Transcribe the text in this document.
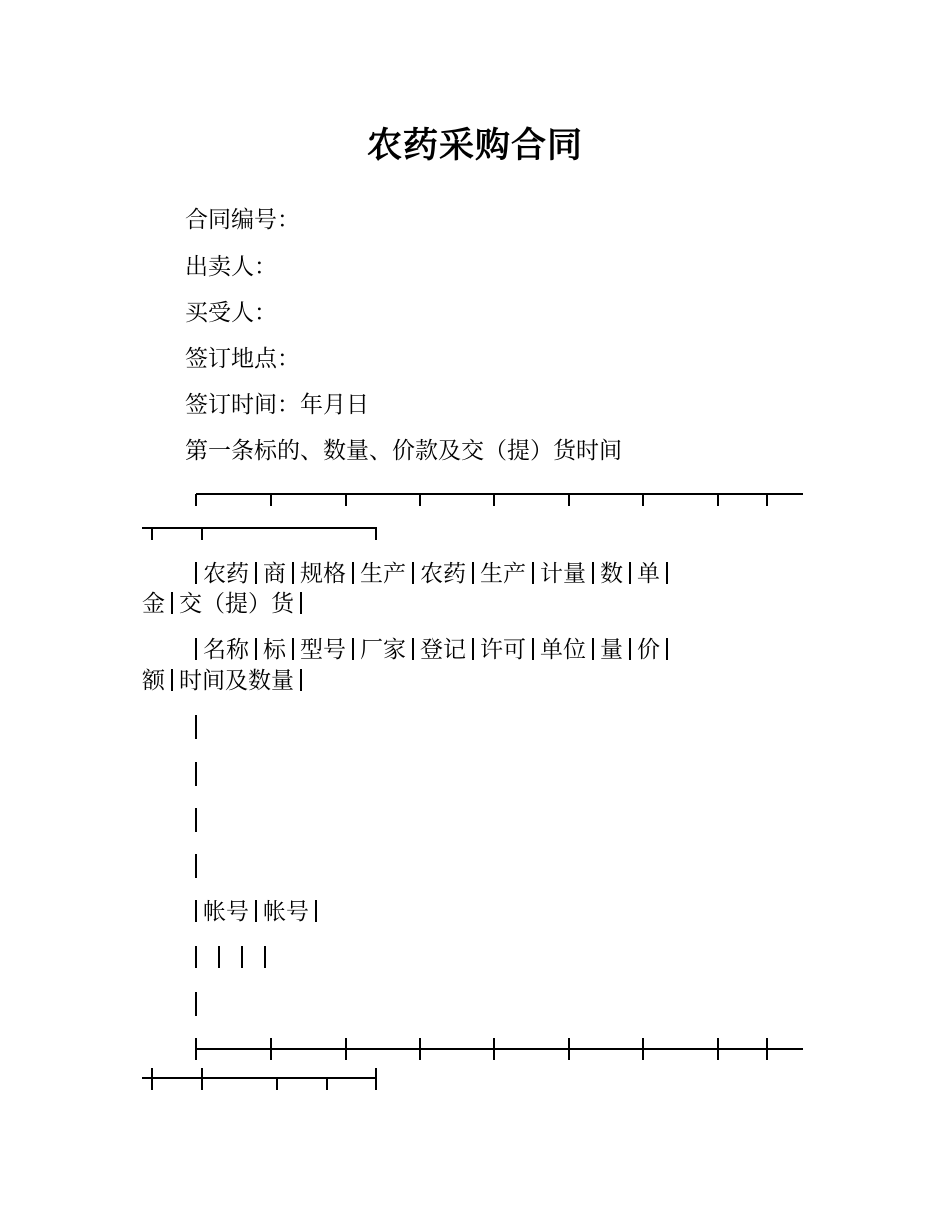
农药采购合同
合同编号：
出卖人：
买受人：
签订地点：
签订时间：年月日
第一条标的、数量、价款及交（提）货时间
农药 商 规格 生产 农药 生产 计量 数 单
金 交（提）货
名称 标 型号 厂家 登记 许可 单位 量 价
额 时间及数量
帐号 帐号
